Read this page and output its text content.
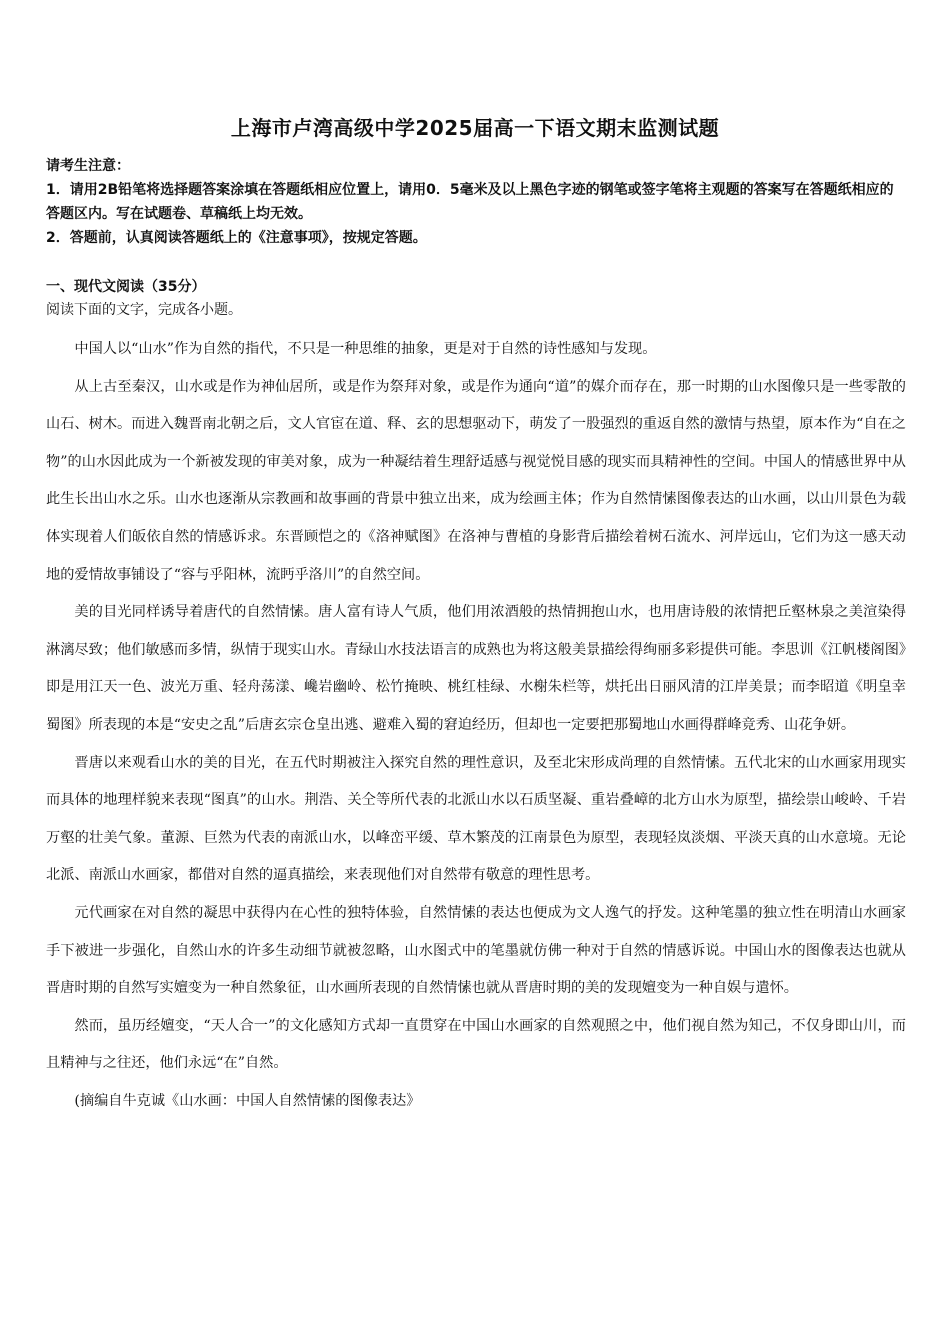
上海市卢湾高级中学2025届高一下语文期末监测试题
请考生注意：
1．请用2B铅笔将选择题答案涂填在答题纸相应位置上，请用0．5毫米及以上黑色字迹的钢笔或签字笔将主观题的答案写在答题纸相应的答题区内。写在试题卷、草稿纸上均无效。
2．答题前，认真阅读答题纸上的《注意事项》，按规定答题。
一、现代文阅读（35分）
阅读下面的文字，完成各小题。

中国人以“山水”作为自然的指代，不只是一种思维的抽象，更是对于自然的诗性感知与发现。

从上古至秦汉，山水或是作为神仙居所，或是作为祭拜对象，或是作为通向“道”的媒介而存在，那一时期的山水图像只是一些零散的山石、树木。而进入魏晋南北朝之后，文人官宦在道、释、玄的思想驱动下，萌发了一股强烈的重返自然的激情与热望，原本作为“自在之物”的山水因此成为一个新被发现的审美对象，成为一种凝结着生理舒适感与视觉悦目感的现实而具精神性的空间。中国人的情感世界中从此生长出山水之乐。山水也逐渐从宗教画和故事画的背景中独立出来，成为绘画主体；作为自然情愫图像表达的山水画，以山川景色为载体实现着人们皈依自然的情感诉求。东晋顾恺之的《洛神赋图》在洛神与曹植的身影背后描绘着树石流水、河岸远山，它们为这一感天动地的爱情故事铺设了“容与乎阳林，流眄乎洛川”的自然空间。

美的目光同样诱导着唐代的自然情愫。唐人富有诗人气质，他们用浓酒般的热情拥抱山水，也用唐诗般的浓情把丘壑林泉之美渲染得淋漓尽致；他们敏感而多情，纵情于现实山水。青绿山水技法语言的成熟也为将这般美景描绘得绚丽多彩提供可能。李思训《江帆楼阁图》即是用江天一色、波光万重、轻舟荡漾、巉岩幽岭、松竹掩映、桃红桂绿、水榭朱栏等，烘托出日丽风清的江岸美景；而李昭道《明皇幸蜀图》所表现的本是“安史之乱”后唐玄宗仓皇出逃、避难入蜀的窘迫经历，但却也一定要把那蜀地山水画得群峰竞秀、山花争妍。

晋唐以来观看山水的美的目光，在五代时期被注入探究自然的理性意识，及至北宋形成尚理的自然情愫。五代北宋的山水画家用现实而具体的地理样貌来表现“图真”的山水。荆浩、关仝等所代表的北派山水以石质坚凝、重岩叠嶂的北方山水为原型，描绘崇山峻岭、千岩万壑的壮美气象。董源、巨然为代表的南派山水，以峰峦平缓、草木繁茂的江南景色为原型，表现轻岚淡烟、平淡天真的山水意境。无论北派、南派山水画家，都借对自然的逼真描绘，来表现他们对自然带有敬意的理性思考。

元代画家在对自然的凝思中获得内在心性的独特体验，自然情愫的表达也便成为文人逸气的抒发。这种笔墨的独立性在明清山水画家手下被进一步强化，自然山水的许多生动细节就被忽略，山水图式中的笔墨就仿佛一种对于自然的情感诉说。中国山水的图像表达也就从晋唐时期的自然写实嬗变为一种自然象征，山水画所表现的自然情愫也就从晋唐时期的美的发现嬗变为一种自娱与遣怀。

然而，虽历经嬗变，“天人合一”的文化感知方式却一直贯穿在中国山水画家的自然观照之中，他们视自然为知己，不仅身即山川，而且精神与之往还，他们永远“在”自然。

(摘编自牛克诚《山水画：中国人自然情愫的图像表达》
